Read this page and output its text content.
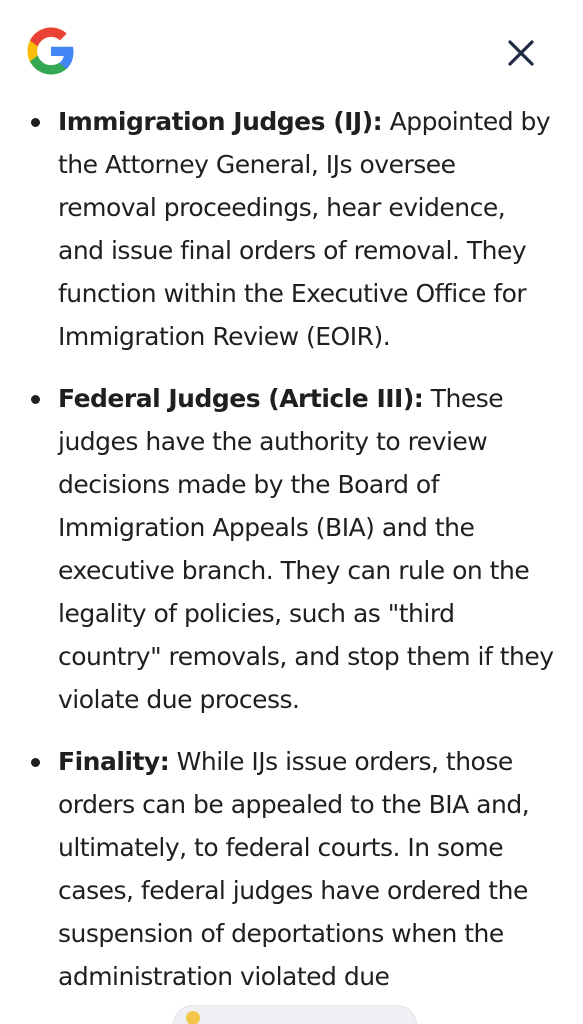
Immigration Judges (IJ): Appointed by the Attorney General, IJs oversee removal proceedings, hear evidence, and issue final orders of removal. They function within the Executive Office for Immigration Review (EOIR).
Federal Judges (Article III): These judges have the authority to review decisions made by the Board of Immigration Appeals (BIA) and the executive branch. They can rule on the legality of policies, such as "third country" removals, and stop them if they violate due process.
Finality: While IJs issue orders, those orders can be appealed to the BIA and, ultimately, to federal courts. In some cases, federal judges have ordered the suspension of deportations when the administration violated due
